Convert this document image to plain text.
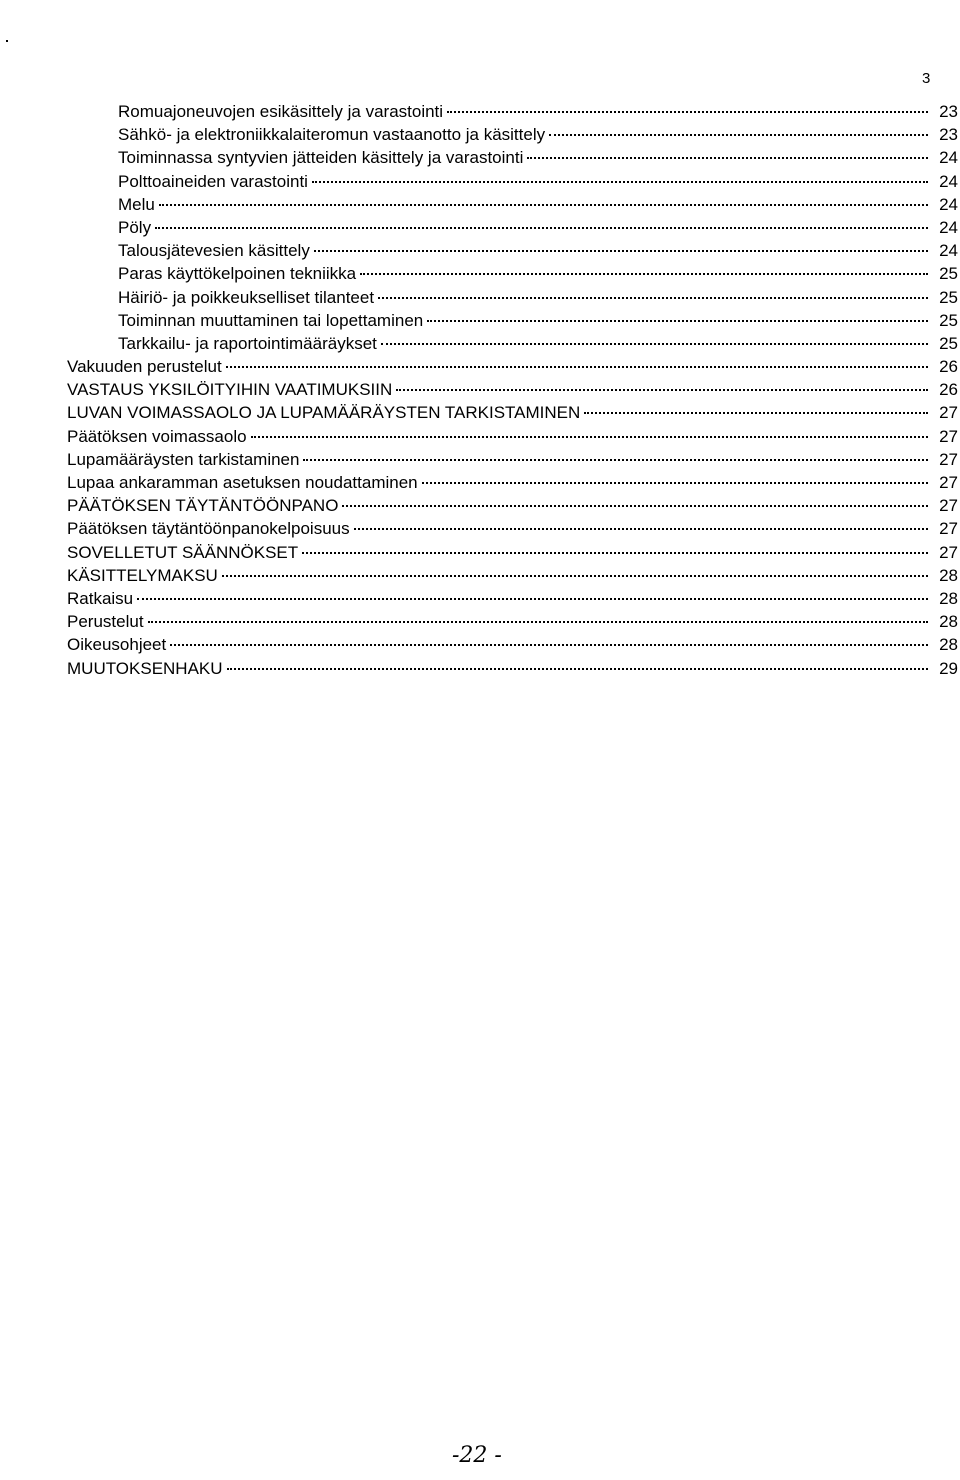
3
Romuajoneuvojen esikäsittely ja varastointi	23
Sähkö- ja elektroniikkalaiteromun vastaanotto ja käsittely	23
Toiminnassa syntyvien jätteiden käsittely ja varastointi	24
Polttoaineiden varastointi	24
Melu	24
Pöly	24
Talousjätevesien käsittely	24
Paras käyttökelpoinen tekniikka	25
Häiriö- ja poikkeukselliset tilanteet	25
Toiminnan muuttaminen tai lopettaminen	25
Tarkkailu- ja raportointimääräykset	25
Vakuuden perustelut	26
VASTAUS YKSILÖITYIHIN VAATIMUKSIIN	26
LUVAN VOIMASSAOLO JA LUPAMÄÄRÄYSTEN TARKISTAMINEN	27
Päätöksen voimassaolo	27
Lupamääräysten tarkistaminen	27
Lupaa ankaramman asetuksen noudattaminen	27
PÄÄTÖKSEN TÄYTÄNTÖÖNPANO	27
Päätöksen täytäntöönpanokelpoisuus	27
SOVELLETUT SÄÄNNÖKSET	27
KÄSITTELYMAKSU	28
Ratkaisu	28
Perustelut	28
Oikeusohjeet	28
MUUTOKSENHAKU	29
-22 -
